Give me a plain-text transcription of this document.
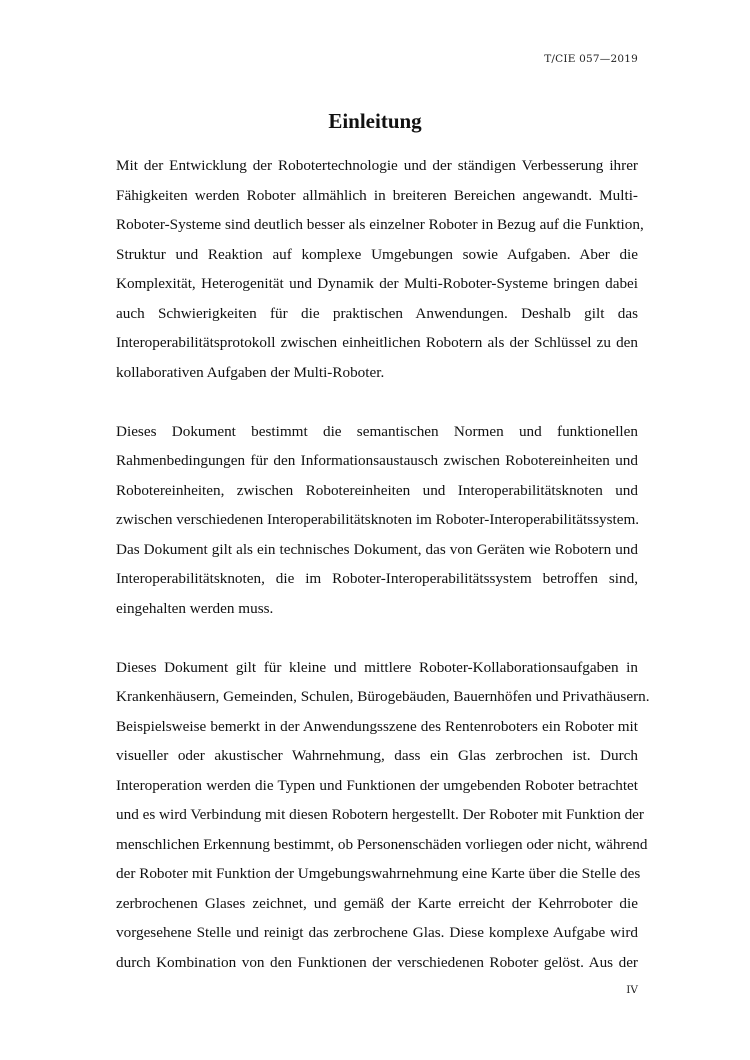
T/CIE 057—2019
Einleitung
Mit der Entwicklung der Robotertechnologie und der ständigen Verbesserung ihrer
Fähigkeiten werden Roboter allmählich in breiteren Bereichen angewandt. Multi-
Roboter-Systeme sind deutlich besser als einzelner Roboter in Bezug auf die Funktion,
Struktur und Reaktion auf komplexe Umgebungen sowie Aufgaben. Aber die
Komplexität, Heterogenität und Dynamik der Multi-Roboter-Systeme bringen dabei
auch Schwierigkeiten für die praktischen Anwendungen. Deshalb gilt das
Interoperabilitätsprotokoll zwischen einheitlichen Robotern als der Schlüssel zu den
kollaborativen Aufgaben der Multi-Roboter.
Dieses Dokument bestimmt die semantischen Normen und funktionellen
Rahmenbedingungen für den Informationsaustausch zwischen Robotereinheiten und
Robotereinheiten, zwischen Robotereinheiten und Interoperabilitätsknoten und
zwischen verschiedenen Interoperabilitätsknoten im Roboter-Interoperabilitätssystem.
Das Dokument gilt als ein technisches Dokument, das von Geräten wie Robotern und
Interoperabilitätsknoten, die im Roboter-Interoperabilitätssystem betroffen sind,
eingehalten werden muss.
Dieses Dokument gilt für kleine und mittlere Roboter-Kollaborationsaufgaben in
Krankenhäusern, Gemeinden, Schulen, Bürogebäuden, Bauernhöfen und Privathäusern.
Beispielsweise bemerkt in der Anwendungsszene des Rentenroboters ein Roboter mit
visueller oder akustischer Wahrnehmung, dass ein Glas zerbrochen ist. Durch
Interoperation werden die Typen und Funktionen der umgebenden Roboter betrachtet
und es wird Verbindung mit diesen Robotern hergestellt. Der Roboter mit Funktion der
menschlichen Erkennung bestimmt, ob Personenschäden vorliegen oder nicht, während
der Roboter mit Funktion der Umgebungswahrnehmung eine Karte über die Stelle des
zerbrochenen Glases zeichnet, und gemäß der Karte erreicht der Kehrroboter die
vorgesehene Stelle und reinigt das zerbrochene Glas. Diese komplexe Aufgabe wird
durch Kombination von den Funktionen der verschiedenen Roboter gelöst. Aus der
IV
